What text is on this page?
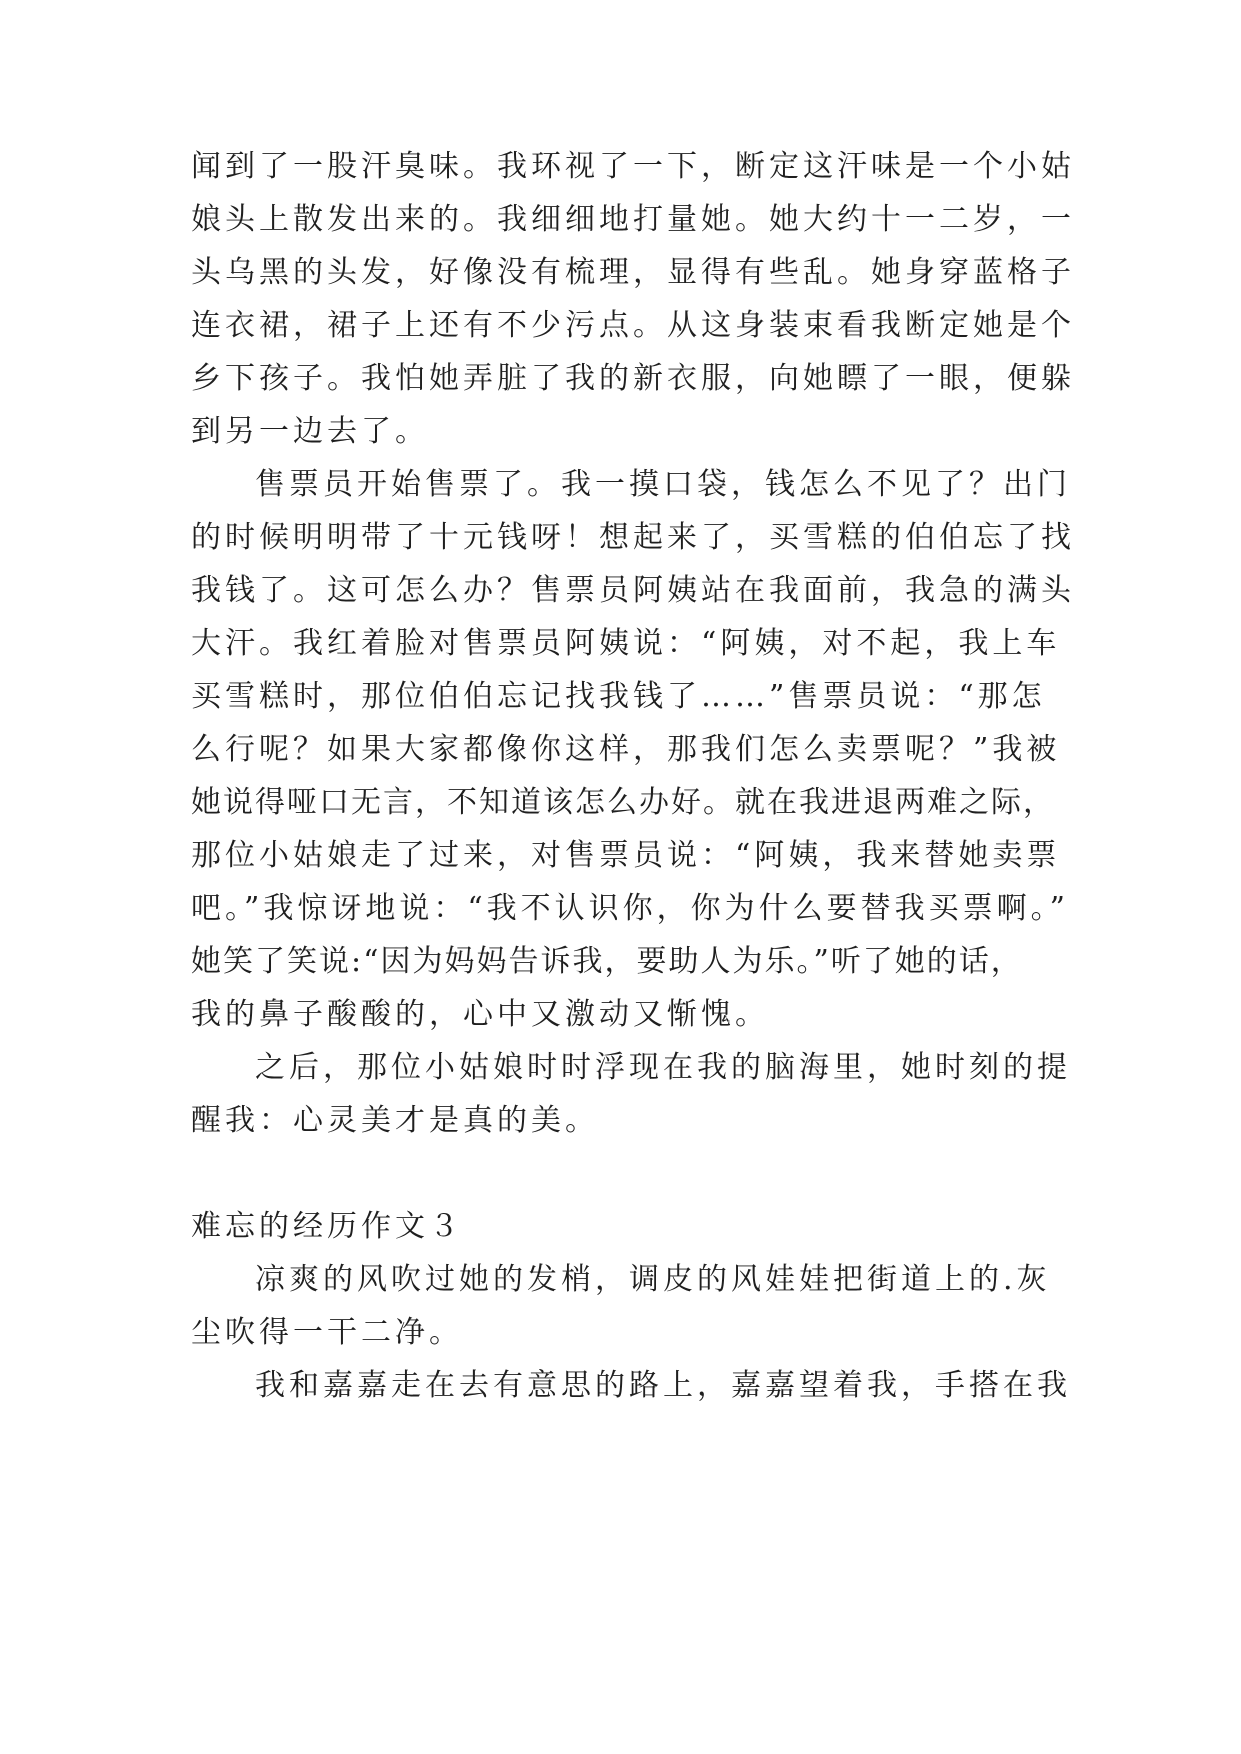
闻到了一股汗臭味。我环视了一下，断定这汗味是一个小姑
娘头上散发出来的。我细细地打量她。她大约十一二岁，一
头乌黑的头发，好像没有梳理，显得有些乱。她身穿蓝格子
连衣裙，裙子上还有不少污点。从这身装束看我断定她是个
乡下孩子。我怕她弄脏了我的新衣服，向她瞟了一眼，便躲
到另一边去了。
售票员开始售票了。我一摸口袋，钱怎么不见了？出门
的时候明明带了十元钱呀！想起来了，买雪糕的伯伯忘了找
我钱了。这可怎么办？售票员阿姨站在我面前，我急的满头
大汗。我红着脸对售票员阿姨说：“阿姨，对不起，我上车
买雪糕时，那位伯伯忘记找我钱了……”售票员说：“那怎
么行呢？如果大家都像你这样，那我们怎么卖票呢？”我被
她说得哑口无言，不知道该怎么办好。就在我进退两难之际，
那位小姑娘走了过来，对售票员说：“阿姨，我来替她卖票
吧。”我惊讶地说：“我不认识你，你为什么要替我买票啊。”
她笑了笑说:“因为妈妈告诉我，要助人为乐。”听了她的话，
我的鼻子酸酸的，心中又激动又惭愧。
之后，那位小姑娘时时浮现在我的脑海里，她时刻的提
醒我：心灵美才是真的美。
难忘的经历作文３
凉爽的风吹过她的发梢，调皮的风娃娃把街道上的.灰
尘吹得一干二净。
我和嘉嘉走在去有意思的路上，嘉嘉望着我，手搭在我
